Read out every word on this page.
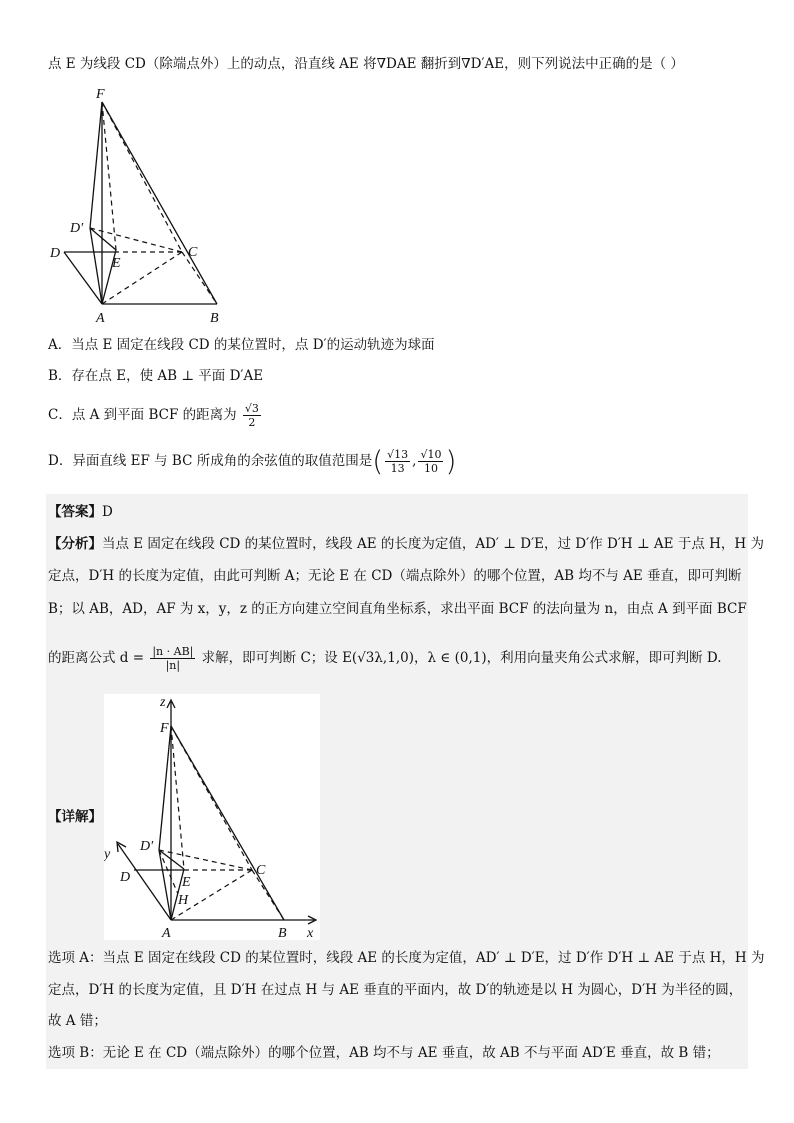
点 E 为线段 CD（除端点外）上的动点，沿直线 AE 将∇DAE 翻折到∇D′AE，则下列说法中正确的是（ ）
F
D′
D
E
C
A	B
A．当点 E 固定在线段 CD 的某位置时，点 D′的运动轨迹为球面
B．存在点 E，使 AB ⊥ 平面 D′AE
C．点 A 到平面 BCF 的距离为 $\frac{√3}{2}$
D．异面直线 EF 与 BC 所成角的余弦值的取值范围是( $\frac{√13}{13}$ , $\frac{√10}{10}$ )
【答案】D
【分析】当点 E 固定在线段 CD 的某位置时，线段 AE 的长度为定值，AD′ ⊥ D′E，过 D′作 D′H ⊥ AE 于点 H，H 为
定点，D′H 的长度为定值，由此可判断 A；无论 E 在 CD（端点除外）的哪个位置，AB 均不与 AE 垂直，即可判断
B；以 AB，AD，AF 为 x，y，z 的正方向建立空间直角坐标系，求出平面 BCF 的法向量为 n，由点 A 到平面 BCF
的距离公式 $d = \frac{|n \cdot AB|}{|n|}$ 求解，即可判断 C；设 E(√3λ,1,0)，λ ∈ (0,1)，利用向量夹角公式求解，即可判断 D.
【详解】
z
F
D′
y
D	E
H
C
A	B x
选项 A：当点 E 固定在线段 CD 的某位置时，线段 AE 的长度为定值，AD′ ⊥ D′E，过 D′作 D′H ⊥ AE 于点 H，H 为
定点，D′H 的长度为定值，且 D′H 在过点 H 与 AE 垂直的平面内，故 D′的轨迹是以 H 为圆心，D′H 为半径的圆，
故 A 错；
选项 B：无论 E 在 CD（端点除外）的哪个位置，AB 均不与 AE 垂直，故 AB 不与平面 AD′E 垂直，故 B 错；
